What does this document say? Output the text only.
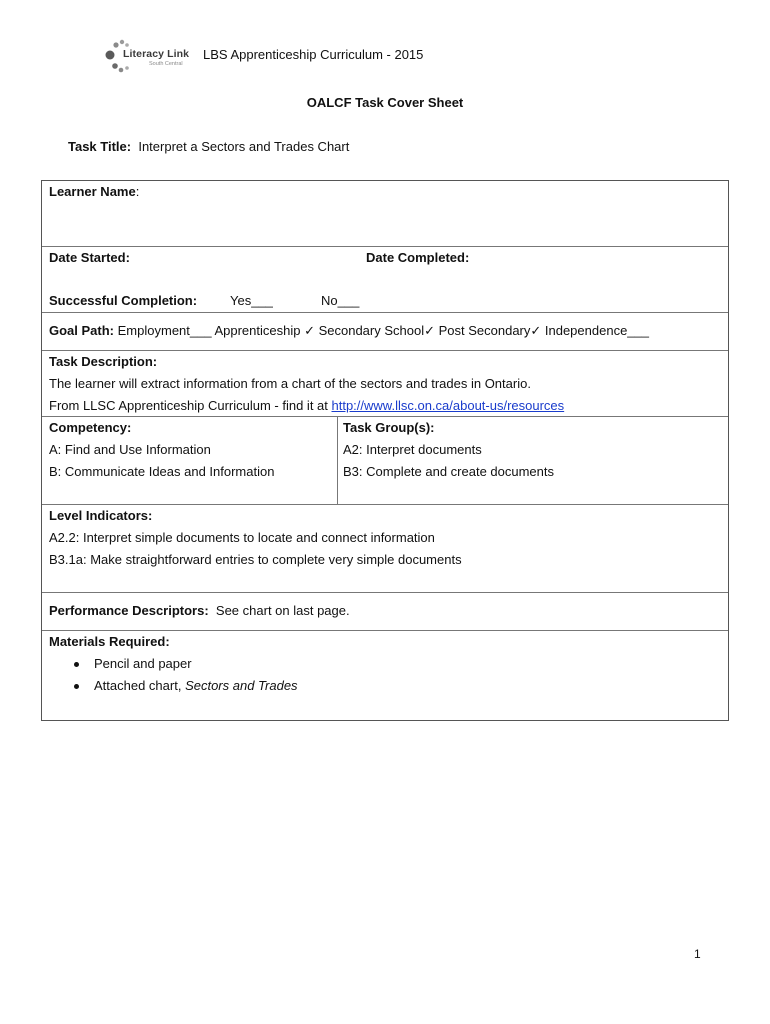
Literacy Link
South Central
LBS Apprenticeship Curriculum - 2015
OALCF Task Cover Sheet
Task Title: Interpret a Sectors and Trades Chart
Learner Name:
Date Started:	Date Completed:
Successful Completion:	Yes___	No___
Goal Path: Employment___ Apprenticeship ✓ Secondary School✓ Post Secondary✓ Independence___
Task Description:
The learner will extract information from a chart of the sectors and trades in Ontario.
From LLSC Apprenticeship Curriculum - find it at http://www.llsc.on.ca/about-us/resources
Competency:
A: Find and Use Information
B: Communicate Ideas and Information
Task Group(s):
A2: Interpret documents
B3: Complete and create documents
Level Indicators:
A2.2: Interpret simple documents to locate and connect information
B3.1a: Make straightforward entries to complete very simple documents
Performance Descriptors: See chart on last page.
Materials Required:
Pencil and paper
Attached chart, Sectors and Trades
1
